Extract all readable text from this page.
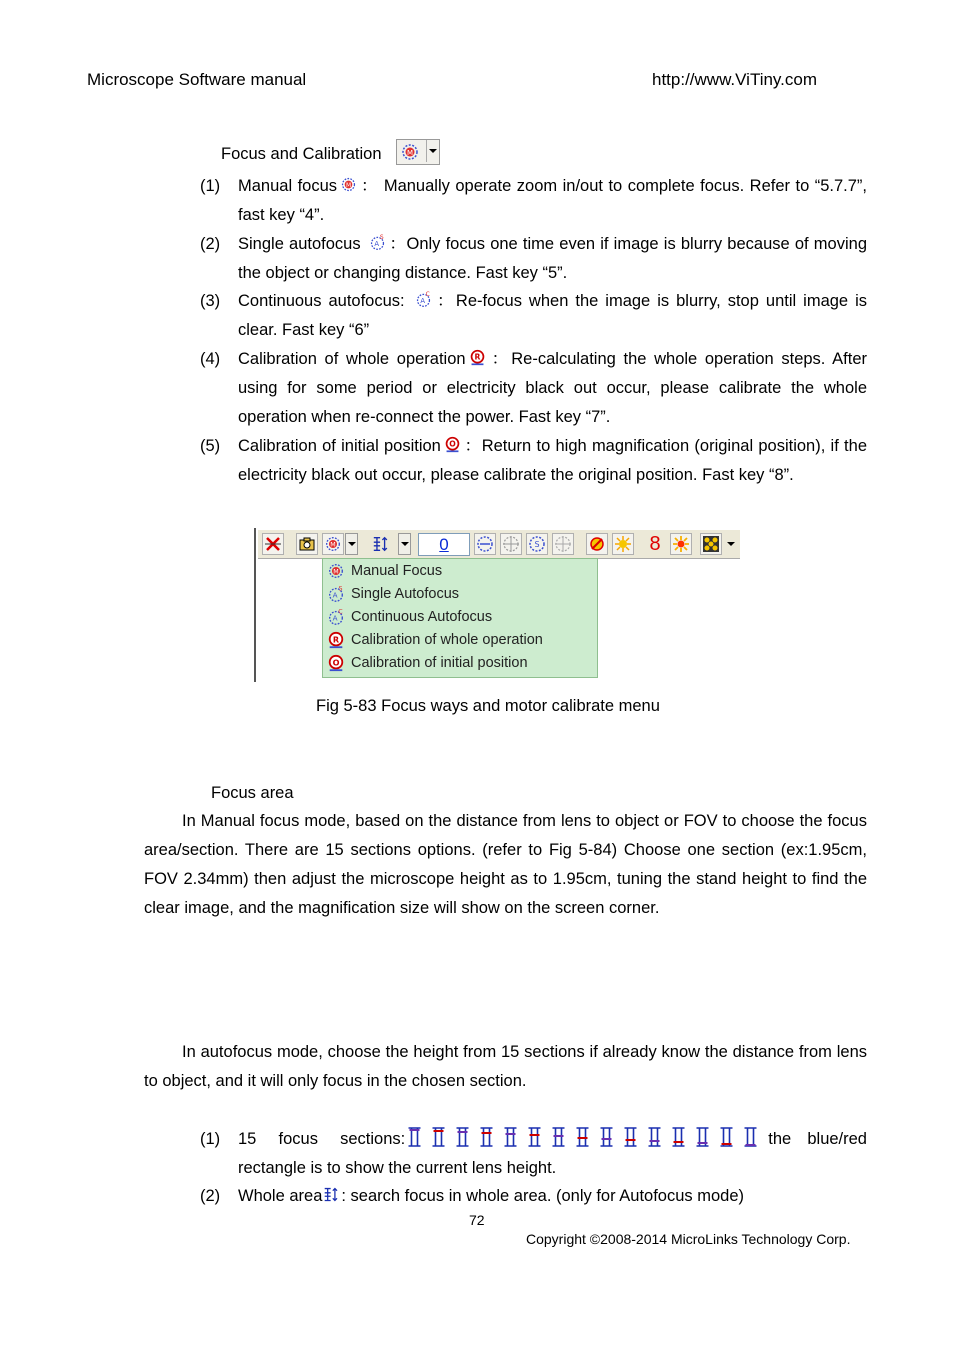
Microscope Software manual	http://www.ViTiny.com
Focus and Calibration	M
(1) Manual focus M ： Manually operate zoom in/out to complete focus. Refer to “5.7.7”, fast key “4”.
(2) Single autofocus A
S ：Only focus one time even if image is blurry because of moving the object or changing distance. Fast key “5”.
(3) Continuous autofocus: A
C ：Re-focus when the image is blurry, stop until image is clear. Fast key “6”
(4) Calibration of whole operation R ：Re-calculating the whole operation steps. After using for some period or electricity black out occur, please calibrate the whole operation when re-connect the power. Fast key “7”.
(5) Calibration of initial position O ：Return to high magnification (original position), if the electricity black out occur, please calibrate the original position. Fast key “8”.
M	0	S	8
M Manual Focus
A
S Single Autofocus
A
C Continuous Autofocus
R Calibration of whole operation
O Calibration of initial position
Fig 5-83 Focus ways and motor calibrate menu
Focus area
In Manual focus mode, based on the distance from lens to object or FOV to choose the focus area/section. There are 15 sections options. (refer to Fig 5-84) Choose one section (ex:1.95cm, FOV 2.34mm) then adjust the microscope height as to 1.95cm, tuning the stand height to find the clear image, and the magnification size will show on the screen corner.
In autofocus mode, choose the height from 15 sections if already know the distance from lens to object, and it will only focus in the chosen section.
(1) 15 focus sections:	the blue/red rectangle is to show the current lens height.
(2) Whole area : search focus in whole area. (only for Autofocus mode)
72
Copyright ©2008-2014 MicroLinks Technology Corp.
